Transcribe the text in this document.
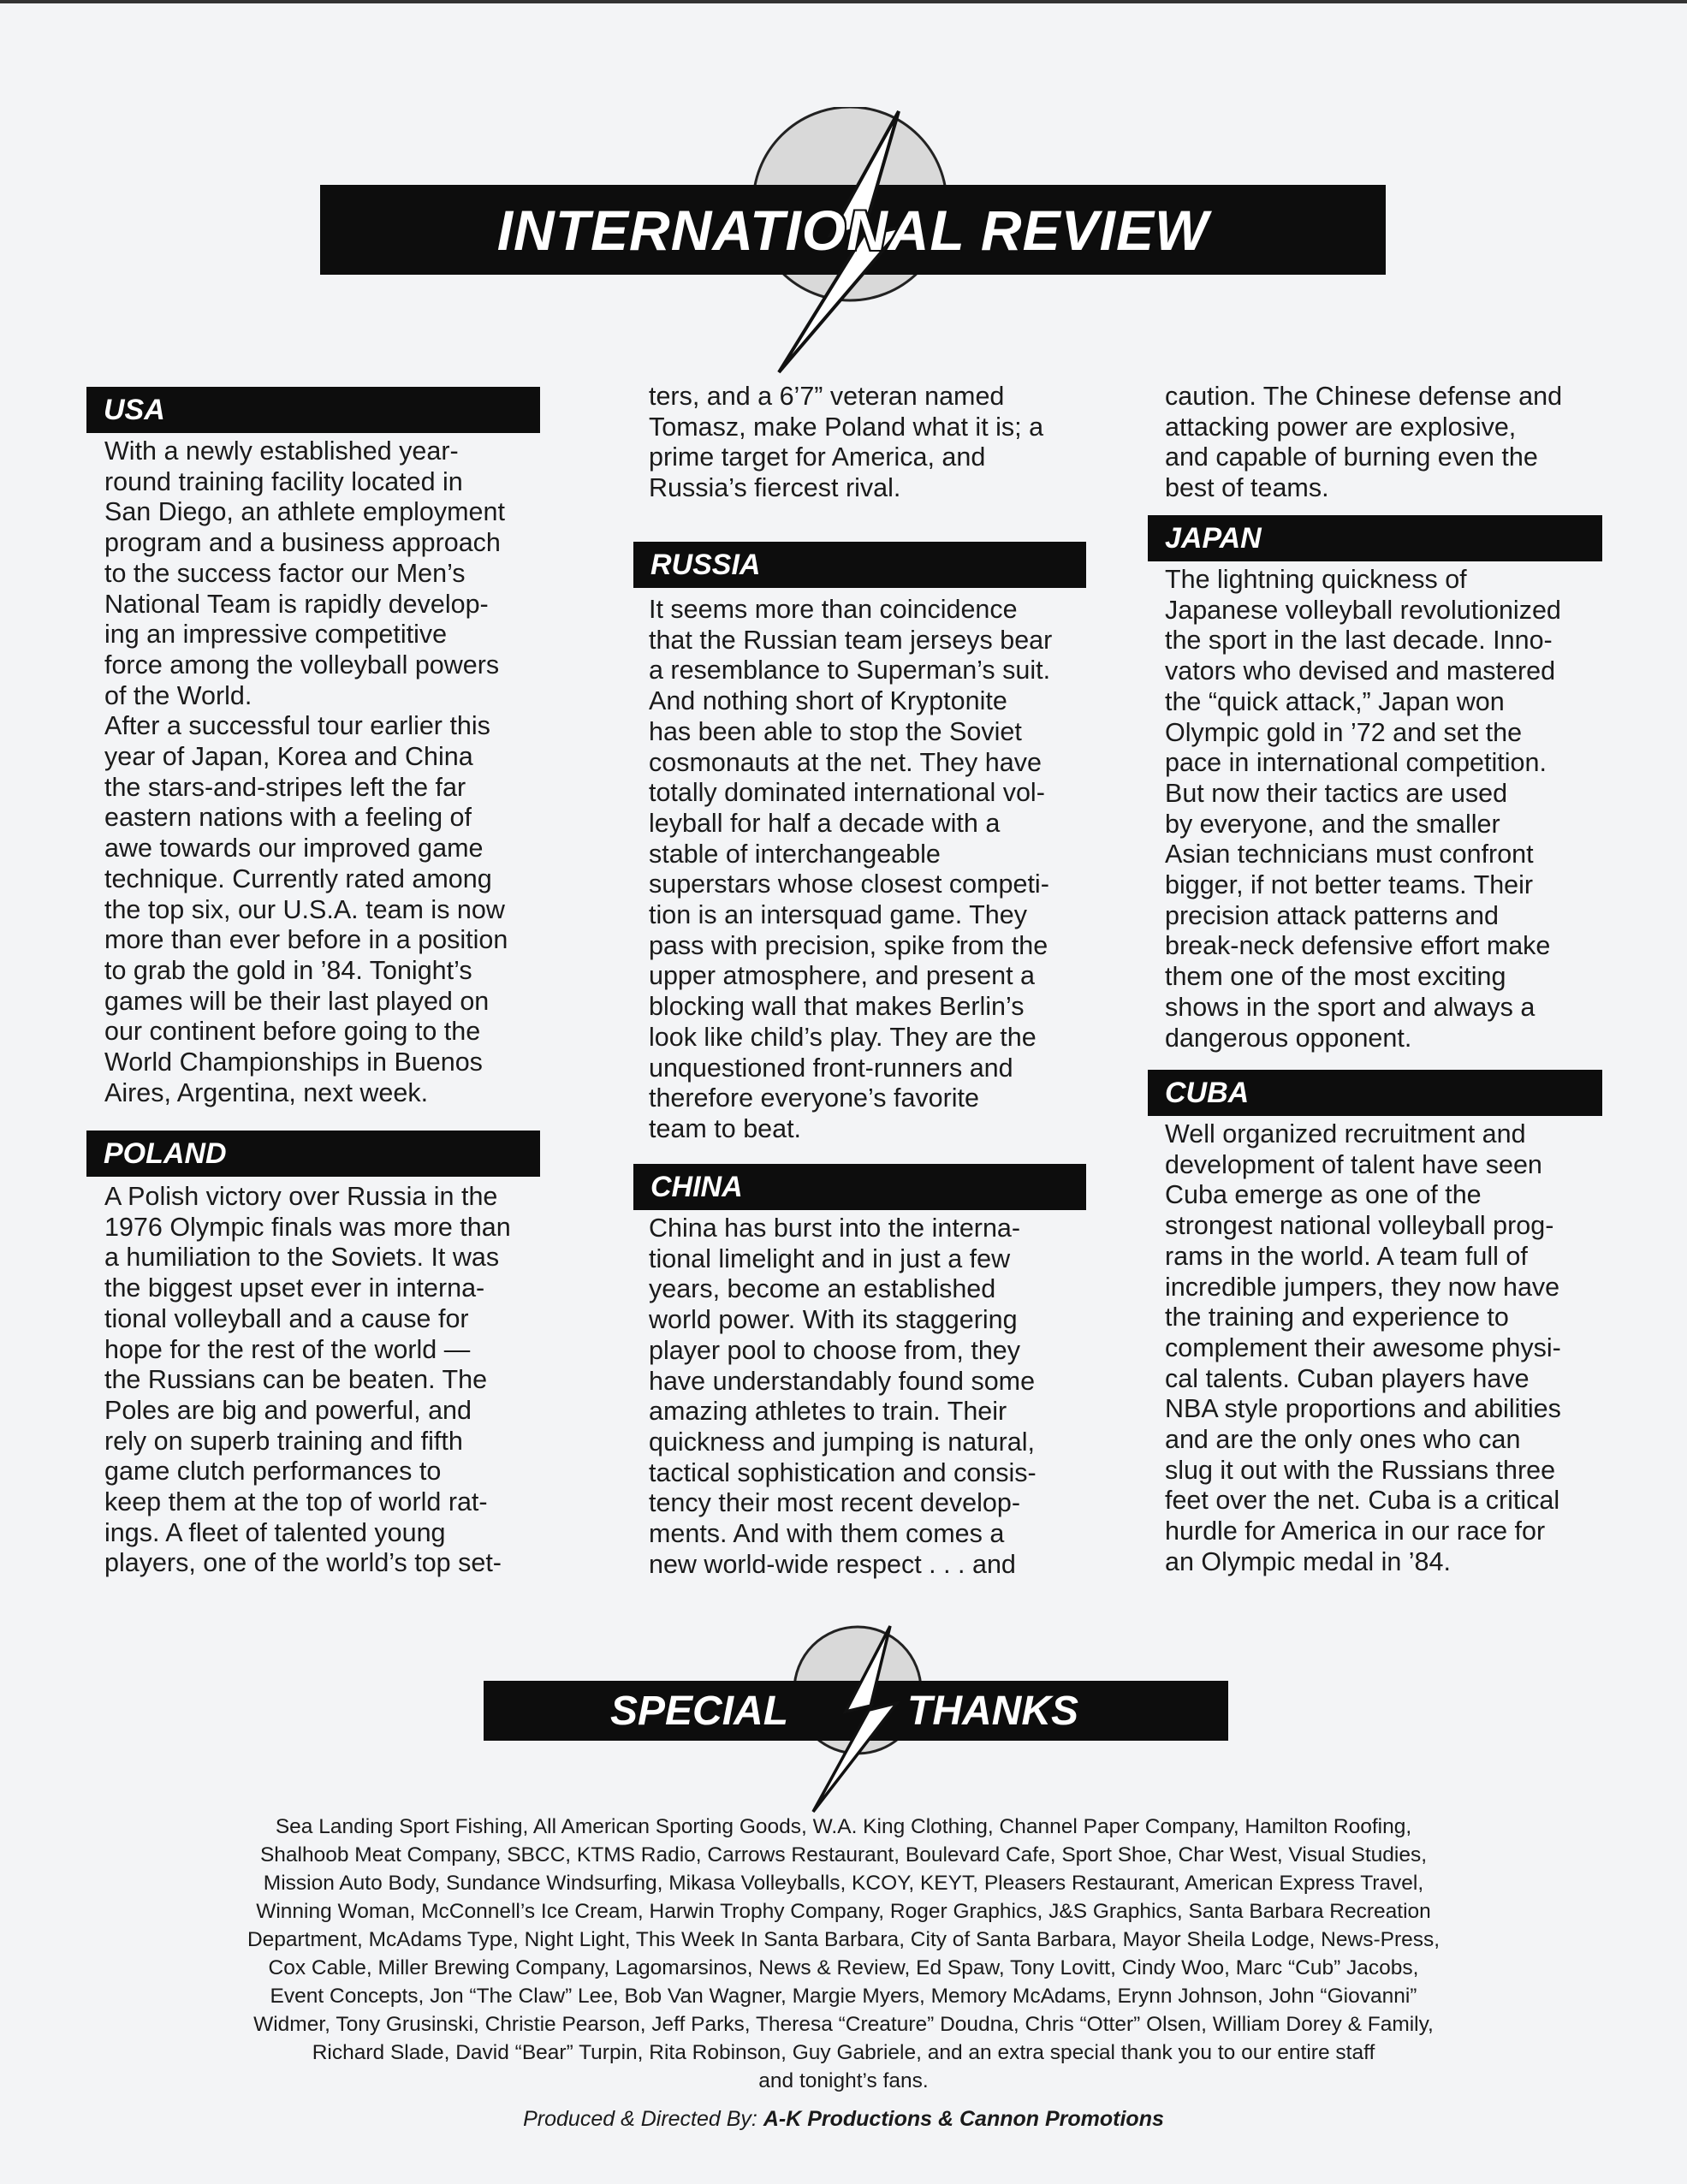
INTERNATIONAL REVIEW
USA
With a newly established year-
round training facility located in
San Diego, an athlete employment
program and a business approach
to the success factor our Men’s
National Team is rapidly develop-
ing an impressive competitive
force among the volleyball powers
of the World.
After a successful tour earlier this
year of Japan, Korea and China
the stars-and-stripes left the far
eastern nations with a feeling of
awe towards our improved game
technique. Currently rated among
the top six, our U.S.A. team is now
more than ever before in a position
to grab the gold in ’84. Tonight’s
games will be their last played on
our continent before going to the
World Championships in Buenos
Aires, Argentina, next week.
POLAND
A Polish victory over Russia in the
1976 Olympic finals was more than
a humiliation to the Soviets. It was
the biggest upset ever in interna-
tional volleyball and a cause for
hope for the rest of the world —
the Russians can be beaten. The
Poles are big and powerful, and
rely on superb training and fifth
game clutch performances to
keep them at the top of world rat-
ings. A fleet of talented young
players, one of the world’s top set-
ters, and a 6’7” veteran named
Tomasz, make Poland what it is; a
prime target for America, and
Russia’s fiercest rival.
RUSSIA
It seems more than coincidence
that the Russian team jerseys bear
a resemblance to Superman’s suit.
And nothing short of Kryptonite
has been able to stop the Soviet
cosmonauts at the net. They have
totally dominated international vol-
leyball for half a decade with a
stable of interchangeable
superstars whose closest competi-
tion is an intersquad game. They
pass with precision, spike from the
upper atmosphere, and present a
blocking wall that makes Berlin’s
look like child’s play. They are the
unquestioned front-runners and
therefore everyone’s favorite
team to beat.
CHINA
China has burst into the interna-
tional limelight and in just a few
years, become an established
world power. With its staggering
player pool to choose from, they
have understandably found some
amazing athletes to train. Their
quickness and jumping is natural,
tactical sophistication and consis-
tency their most recent develop-
ments. And with them comes a
new world-wide respect . . . and
caution. The Chinese defense and
attacking power are explosive,
and capable of burning even the
best of teams.
JAPAN
The lightning quickness of
Japanese volleyball revolutionized
the sport in the last decade. Inno-
vators who devised and mastered
the “quick attack,” Japan won
Olympic gold in ’72 and set the
pace in international competition.
But now their tactics are used
by everyone, and the smaller
Asian technicians must confront
bigger, if not better teams. Their
precision attack patterns and
break-neck defensive effort make
them one of the most exciting
shows in the sport and always a
dangerous opponent.
CUBA
Well organized recruitment and
development of talent have seen
Cuba emerge as one of the
strongest national volleyball prog-
rams in the world. A team full of
incredible jumpers, they now have
the training and experience to
complement their awesome physi-
cal talents. Cuban players have
NBA style proportions and abilities
and are the only ones who can
slug it out with the Russians three
feet over the net. Cuba is a critical
hurdle for America in our race for
an Olympic medal in ’84.
SPECIAL	THANKS
Sea Landing Sport Fishing, All American Sporting Goods, W.A. King Clothing, Channel Paper Company, Hamilton Roofing,
Shalhoob Meat Company, SBCC, KTMS Radio, Carrows Restaurant, Boulevard Cafe, Sport Shoe, Char West, Visual Studies,
Mission Auto Body, Sundance Windsurfing, Mikasa Volleyballs, KCOY, KEYT, Pleasers Restaurant, American Express Travel,
Winning Woman, McConnell’s Ice Cream, Harwin Trophy Company, Roger Graphics, J&S Graphics, Santa Barbara Recreation
Department, McAdams Type, Night Light, This Week In Santa Barbara, City of Santa Barbara, Mayor Sheila Lodge, News-Press,
Cox Cable, Miller Brewing Company, Lagomarsinos, News & Review, Ed Spaw, Tony Lovitt, Cindy Woo, Marc “Cub” Jacobs,
Event Concepts, Jon “The Claw” Lee, Bob Van Wagner, Margie Myers, Memory McAdams, Erynn Johnson, John “Giovanni”
Widmer, Tony Grusinski, Christie Pearson, Jeff Parks, Theresa “Creature” Doudna, Chris “Otter” Olsen, William Dorey & Family,
Richard Slade, David “Bear” Turpin, Rita Robinson, Guy Gabriele, and an extra special thank you to our entire staff
and tonight’s fans.
Produced & Directed By: A-K Productions & Cannon Promotions
